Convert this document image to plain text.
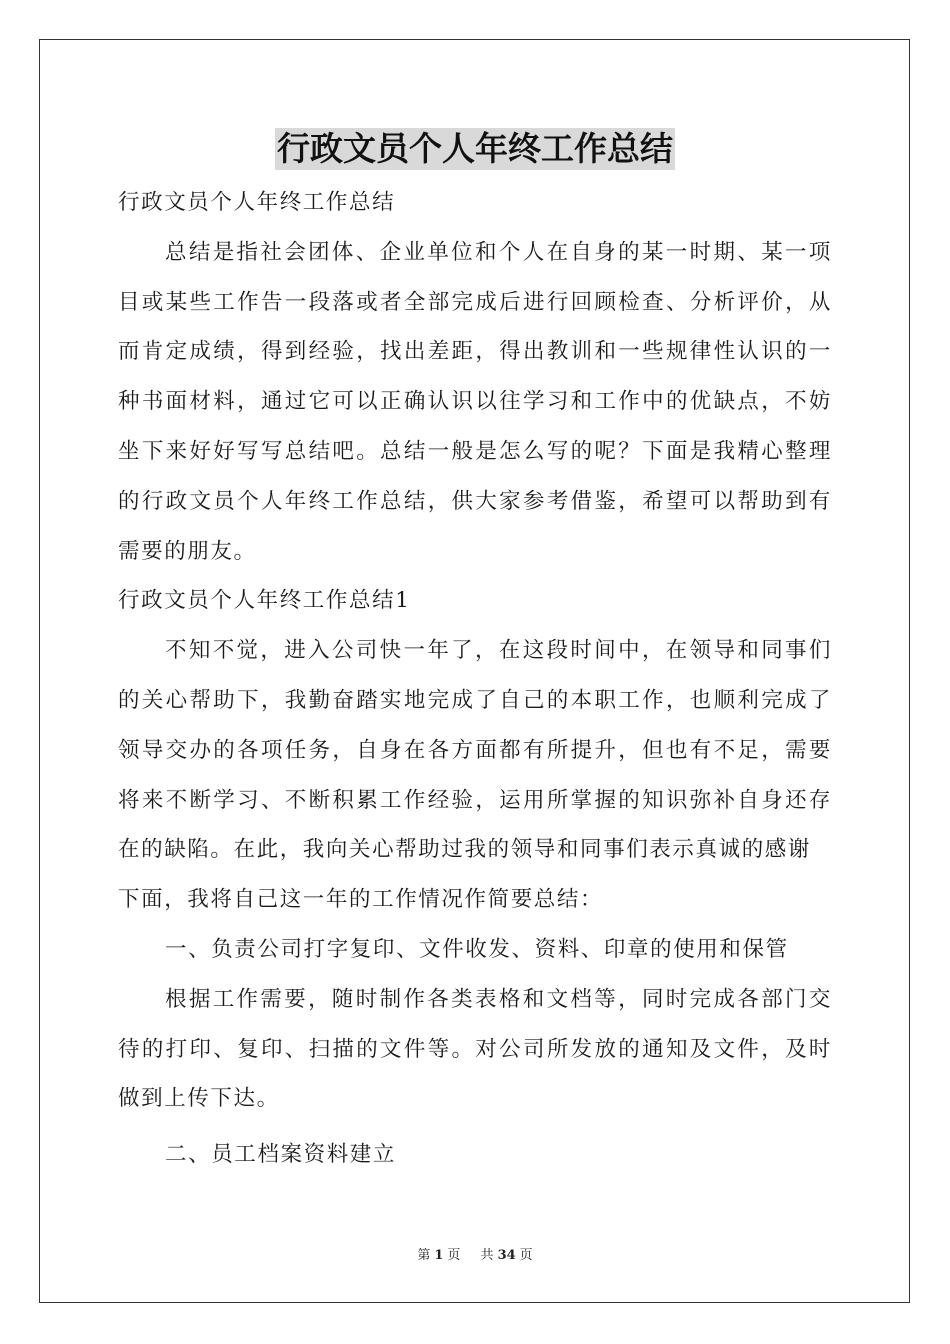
行政文员个人年终工作总结

行政文员个人年终工作总结

总结是指社会团体、企业单位和个人在自身的某一时期、某一项目或某些工作告一段落或者全部完成后进行回顾检查、分析评价，从而肯定成绩，得到经验，找出差距，得出教训和一些规律性认识的一种书面材料，通过它可以正确认识以往学习和工作中的优缺点，不妨坐下来好好写写总结吧。总结一般是怎么写的呢？下面是我精心整理的行政文员个人年终工作总结，供大家参考借鉴，希望可以帮助到有需要的朋友。

行政文员个人年终工作总结1

不知不觉，进入公司快一年了，在这段时间中，在领导和同事们的关心帮助下，我勤奋踏实地完成了自己的本职工作，也顺利完成了领导交办的各项任务，自身在各方面都有所提升，但也有不足，需要将来不断学习、不断积累工作经验，运用所掌握的知识弥补自身还存在的缺陷。在此，我向关心帮助过我的领导和同事们表示真诚的感谢

下面，我将自己这一年的工作情况作简要总结：

一、负责公司打字复印、文件收发、资料、印章的使用和保管

根据工作需要，随时制作各类表格和文档等，同时完成各部门交待的打印、复印、扫描的文件等。对公司所发放的通知及文件，及时做到上传下达。

二、员工档案资料建立

第 1 页 共 34 页
